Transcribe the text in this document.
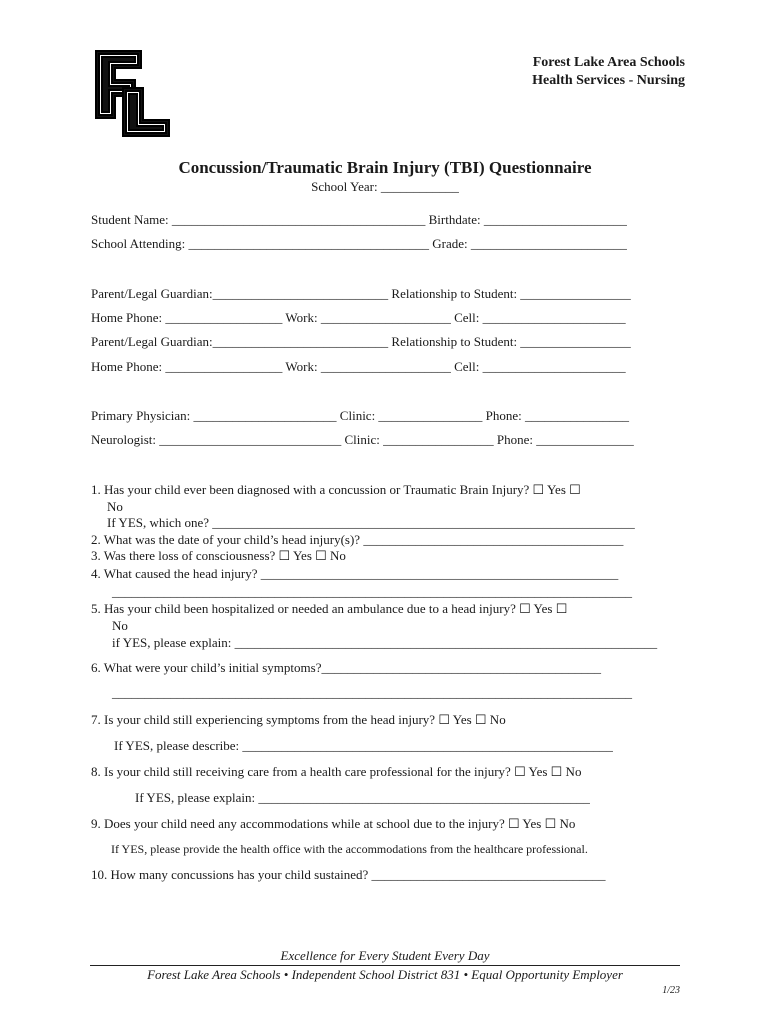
Forest Lake Area Schools
Health Services - Nursing
Concussion/Traumatic Brain Injury (TBI) Questionnaire
School Year: ____________
Student Name: _______________________________________ Birthdate: ______________________
School Attending: _____________________________________ Grade: ________________________
Parent/Legal Guardian:___________________________ Relationship to Student: _________________
Home Phone: __________________ Work: ____________________ Cell: ______________________
Parent/Legal Guardian:___________________________ Relationship to Student: _________________
Home Phone: __________________ Work: ____________________ Cell: ______________________
Primary Physician: ______________________ Clinic: ________________ Phone: ________________
Neurologist: ____________________________ Clinic: _________________ Phone: _______________
1. Has your child ever been diagnosed with a concussion or Traumatic Brain Injury? ☐ Yes ☐
No
If YES, which one? _________________________________________________________________
2. What was the date of your child’s head injury(s)? ________________________________________
3. Was there loss of consciousness? ☐ Yes ☐ No
4. What caused the head injury? _______________________________________________________
________________________________________________________________________________
5. Has your child been hospitalized or needed an ambulance due to a head injury? ☐ Yes ☐
No
if YES, please explain: _________________________________________________________________
6. What were your child’s initial symptoms?___________________________________________
________________________________________________________________________________
7. Is your child still experiencing symptoms from the head injury? ☐ Yes ☐ No
If YES, please describe: _________________________________________________________
8. Is your child still receiving care from a health care professional for the injury? ☐ Yes ☐ No
If YES, please explain: ___________________________________________________
9. Does your child need any accommodations while at school due to the injury? ☐ Yes ☐ No
If YES, please provide the health office with the accommodations from the healthcare professional.
10. How many concussions has your child sustained? ____________________________________
Excellence for Every Student Every Day
Forest Lake Area Schools • Independent School District 831 • Equal Opportunity Employer
1/23
